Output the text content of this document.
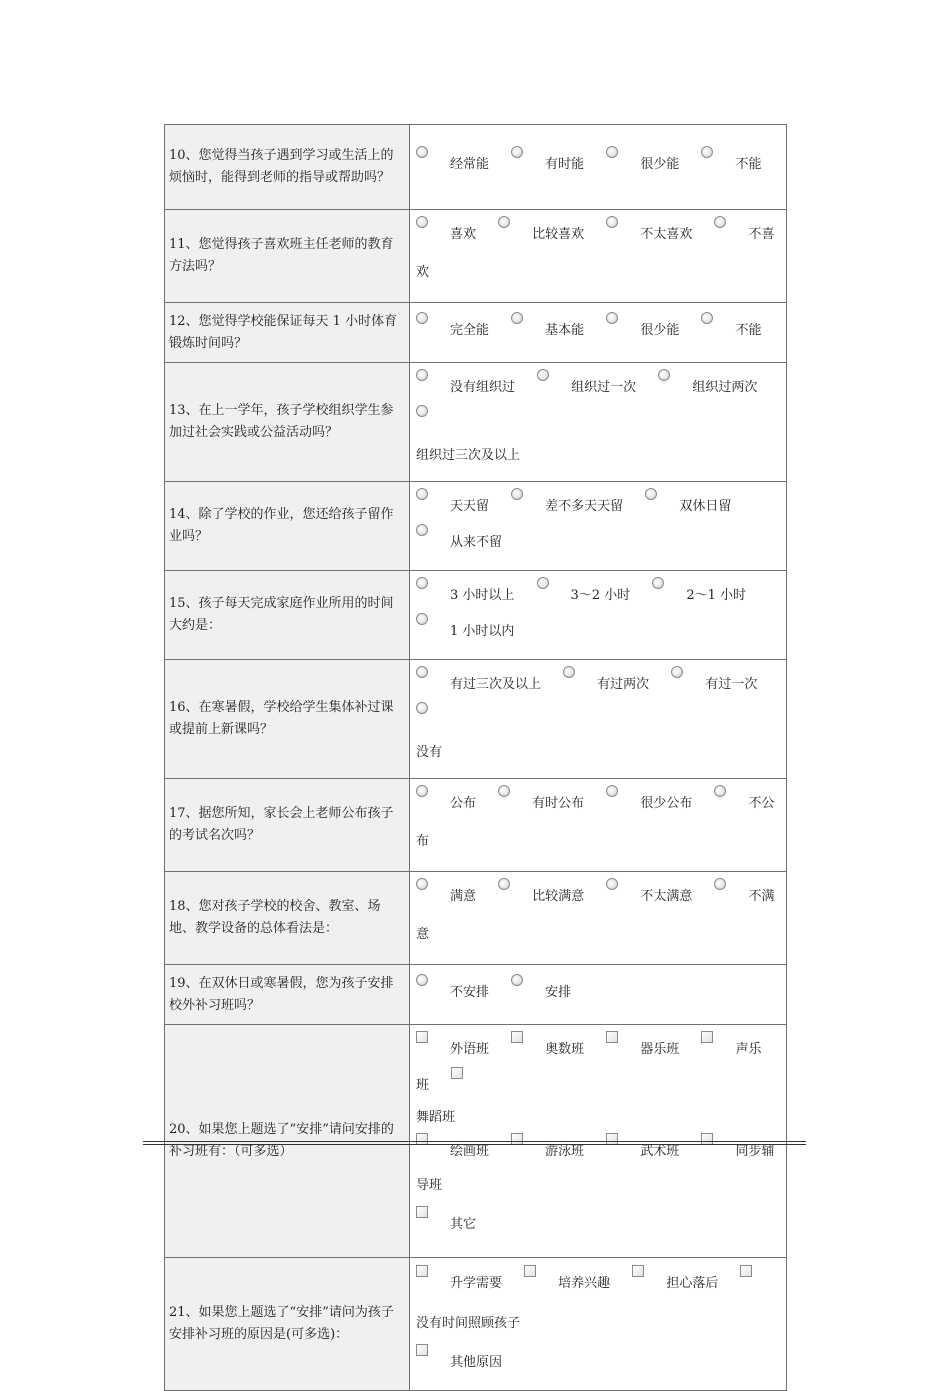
10、您觉得当孩子遇到学习或生活上的烦恼时，能得到老师的指导或帮助吗？	经常能 有时能 很少能 不能

11、您觉得孩子喜欢班主任老师的教育方法吗？	喜欢 比较喜欢 不太喜欢 不喜欢

12、您觉得学校能保证每天 1 小时体育锻炼时间吗？	完全能 基本能 很少能 不能

13、在上一学年，孩子学校组织学生参加过社会实践或公益活动吗？	没有组织过 组织过一次 组织过两次
组织过三次及以上

14、除了学校的作业，您还给孩子留作业吗？	天天留 差不多天天留 双休日留 从来不留

15、孩子每天完成家庭作业所用的时间大约是：	3 小时以上 3～2 小时 2～1 小时 1 小时以内

16、在寒暑假，学校给学生集体补过课或提前上新课吗？	有过三次及以上 有过两次 有过一次
没有

17、据您所知，家长会上老师公布孩子的考试名次吗？	公布 有时公布 很少公布 不公布

18、您对孩子学校的校舍、教室、场地、教学设备的总体看法是：	满意 比较满意 不太满意 不满意

19、在双休日或寒暑假，您为孩子安排校外补习班吗？	不安排 安排

20、如果您上题选了“安排”请问安排的补习班有：（可多选）	外语班 奥数班 器乐班 声乐班
舞蹈班
绘画班 游泳班 武术班 同步辅导班
其它

21、如果您上题选了“安排”请问为孩子安排补习班的原因是(可多选)：	升学需要 培养兴趣 担心落后 没有时间照顾孩子
其他原因
